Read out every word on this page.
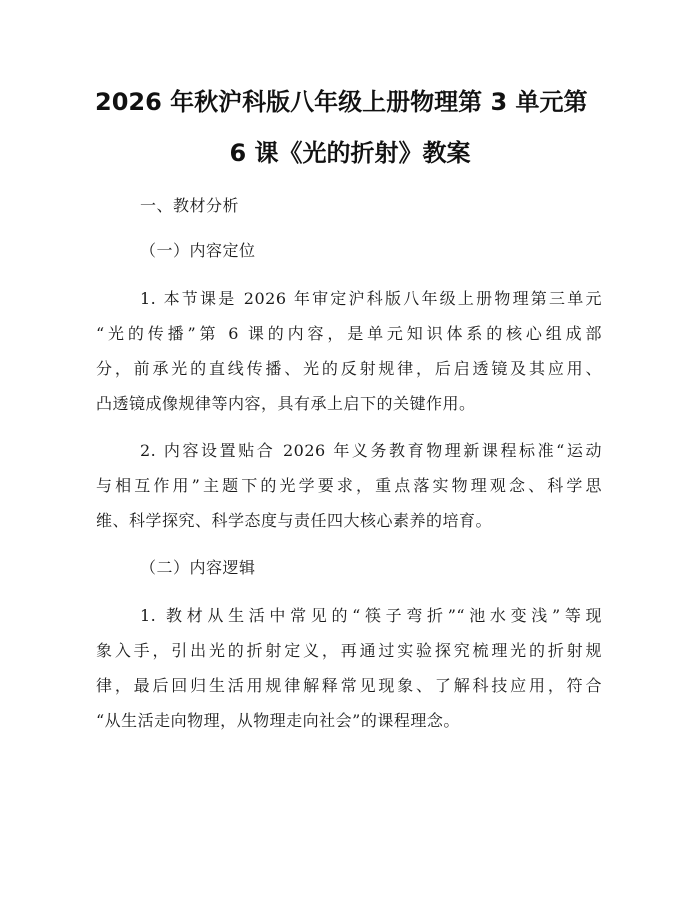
2026 年秋沪科版八年级上册物理第 3 单元第
6 课《光的折射》教案
一、教材分析
（一）内容定位
1. 本节课是 2026 年审定沪科版八年级上册物理第三单元
“光的传播”第 6 课的内容，是单元知识体系的核心组成部
分，前承光的直线传播、光的反射规律，后启透镜及其应用、
凸透镜成像规律等内容，具有承上启下的关键作用。
2. 内容设置贴合 2026 年义务教育物理新课程标准“运动
与相互作用”主题下的光学要求，重点落实物理观念、科学思
维、科学探究、科学态度与责任四大核心素养的培育。
（二）内容逻辑
1. 教材从生活中常见的“筷子弯折”“池水变浅”等现
象入手，引出光的折射定义，再通过实验探究梳理光的折射规
律，最后回归生活用规律解释常见现象、了解科技应用，符合
“从生活走向物理，从物理走向社会”的课程理念。
